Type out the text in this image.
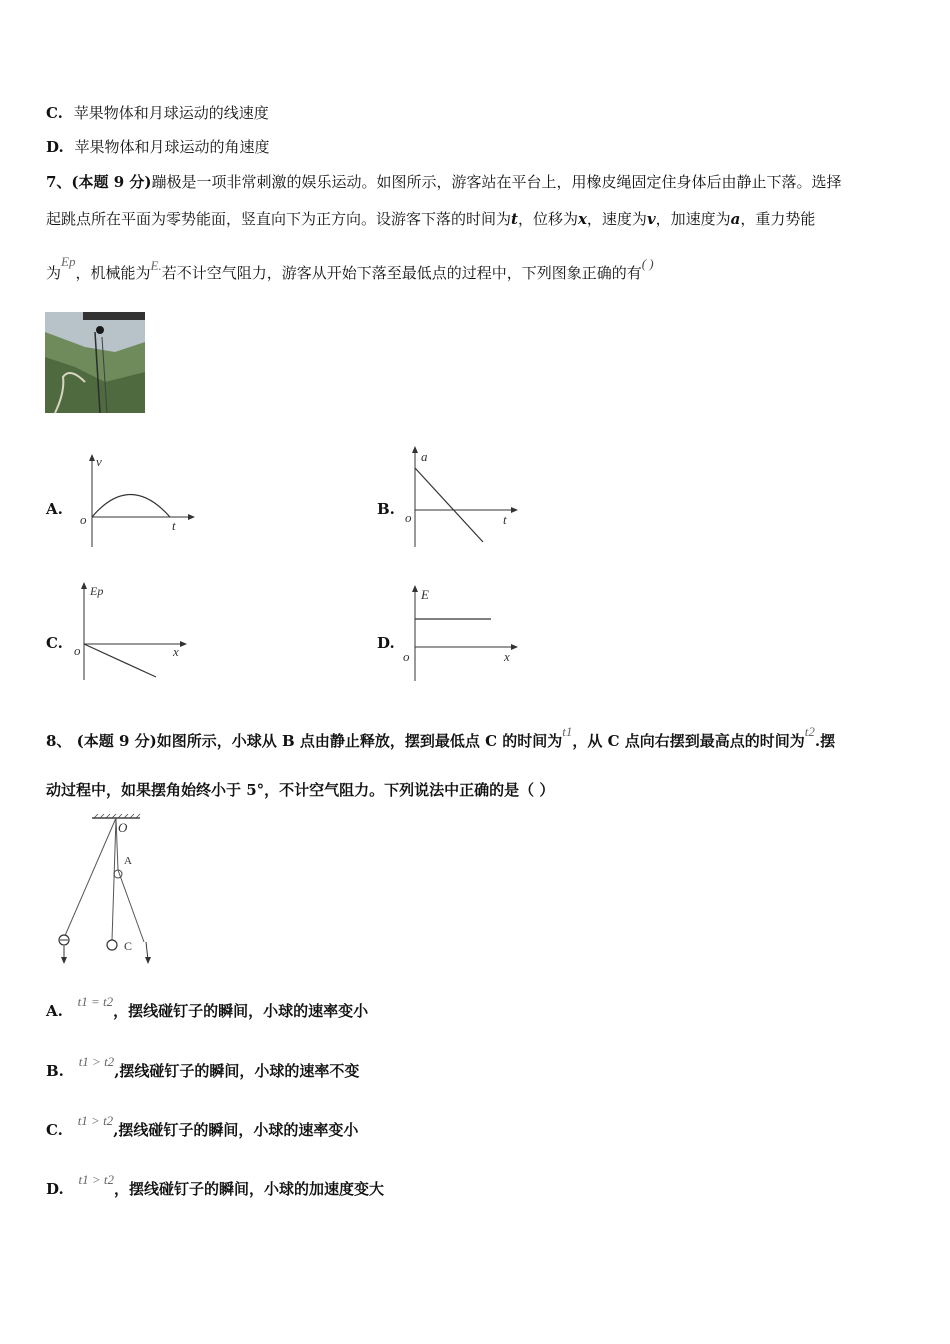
C. 苹果物体和月球运动的线速度
D. 苹果物体和月球运动的角速度
7、(本题 9 分)蹦极是一项非常刺激的娱乐运动。如图所示，游客站在平台上，用橡皮绳固定住身体后由静止下落。选择
起跳点所在平面为零势能面，竖直向下为正方向。设游客下落的时间为t，位移为x，速度为v，加速度为a，重力势能
为Ep，机械能为E.若不计空气阻力，游客从开始下落至最低点的过程中，下列图象正确的有( )
A.
v
o	t
B.
a
o	t
C.
Ep
o	x	D.
E
o	x
8、 (本题 9 分)如图所示，小球从 B 点由静止释放，摆到最低点 C 的时间为t1，从 C 点向右摆到最高点的时间为t2.摆
动过程中，如果摆角始终小于 5°，不计空气阻力。下列说法中正确的是（ ）
O
A
C
A. t1 = t2，摆线碰钉子的瞬间，小球的速率变小
B. t1 > t2,摆线碰钉子的瞬间，小球的速率不变
C. t1 > t2,摆线碰钉子的瞬间，小球的速率变小
D. t1 > t2，摆线碰钉子的瞬间，小球的加速度变大
